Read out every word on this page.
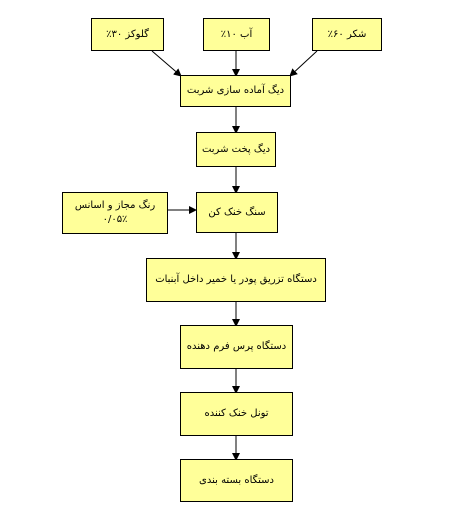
گلوکز ۳۰٪	آب ۱۰٪	شکر ۶۰٪
دیگ آماده سازی شربت
دیگ پخت شربت
رنگ مجاز و اسانس
۰/۰۵٪
سنگ خنک کن
دستگاه تزریق پودر یا خمیر داخل آبنبات
دستگاه پرس فرم دهنده
تونل خنک کننده
دستگاه بسته بندی
